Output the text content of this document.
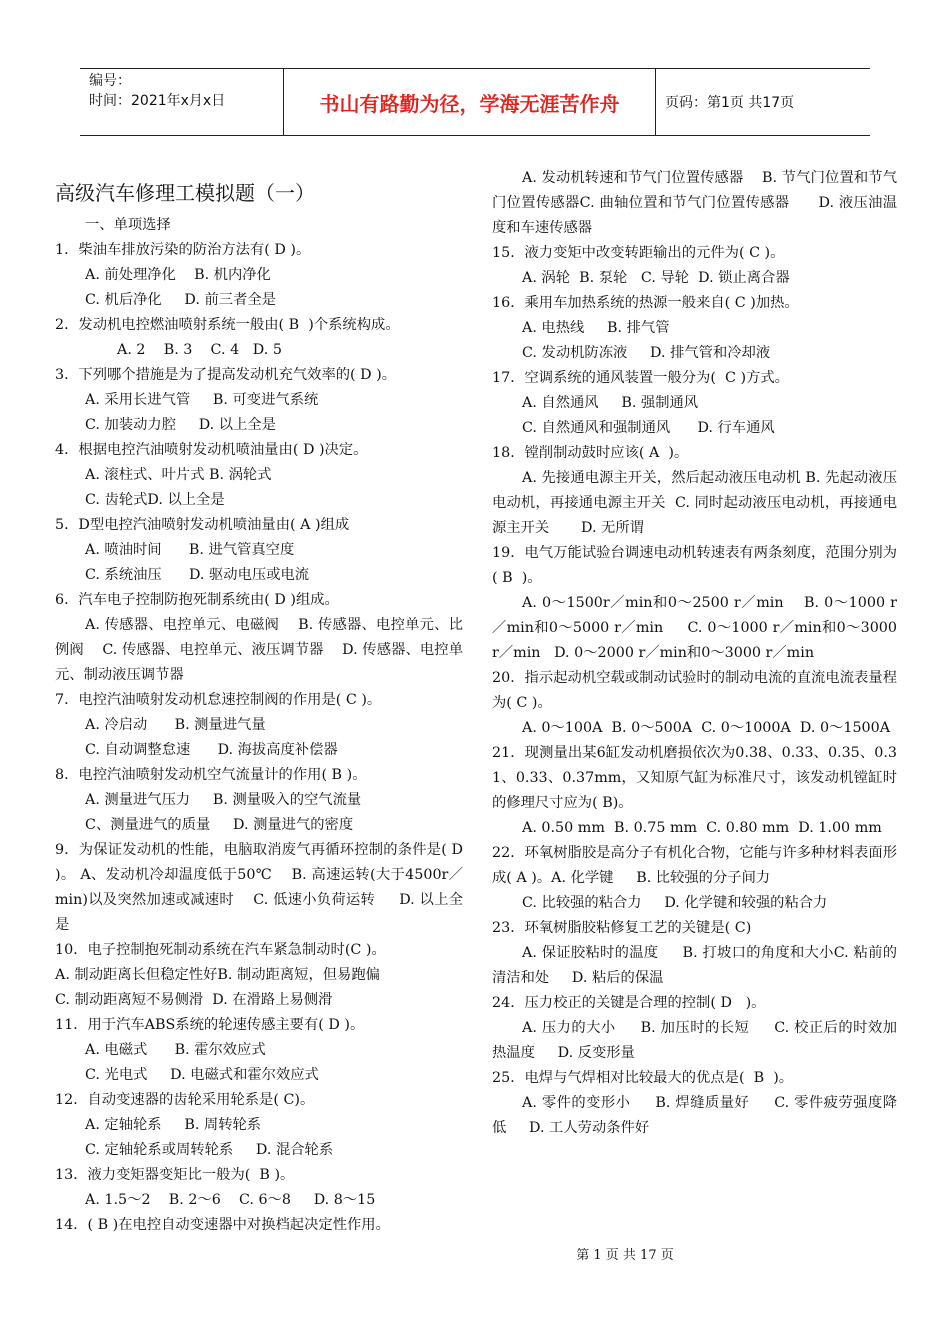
编号：
时间：2021年x月x日	书山有路勤为径，学海无涯苦作舟	页码：第1页 共17页
高级汽车修理工模拟题（一）

一、单项选择

1．柴油车排放污染的防治方法有( D )。

A. 前处理净化    B. 机内净化

C. 机后净化     D. 前三者全是

2．发动机电控燃油喷射系统一般由( B  )个系统构成。

A. 2    B. 3    C. 4   D. 5

3．下列哪个措施是为了提高发动机充气效率的( D )。

A. 采用长进气管     B. 可变进气系统

C. 加装动力腔     D. 以上全是

4．根据电控汽油喷射发动机喷油量由( D )决定。

A. 滚柱式、叶片式 B. 涡轮式

C. 齿轮式D. 以上全是

5．D型电控汽油喷射发动机喷油量由( A )组成

A. 喷油时间      B. 进气管真空度

C. 系统油压      D. 驱动电压或电流

6．汽车电子控制防抱死制系统由( D )组成。

A. 传感器、电控单元、电磁阀    B. 传感器、电控单元、比例阀    C. 传感器、电控单元、液压调节器    D. 传感器、电控单元、制动液压调节器

7．电控汽油喷射发动机怠速控制阀的作用是( C )。

A. 冷启动      B. 测量进气量

C. 自动调整怠速      D. 海拔高度补偿器

8．电控汽油喷射发动机空气流量计的作用( B )。

A. 测量进气压力     B. 测量吸入的空气流量

C、测量进气的质量     D. 测量进气的密度

9．为保证发动机的性能，电脑取消废气再循环控制的条件是( D )。 A、发动机冷却温度低于50℃    B. 高速运转(大于4500r／min)以及突然加速或减速时    C. 低速小负荷运转     D. 以上全是

10．电子控制抱死制动系统在汽车紧急制动时(C )。

A. 制动距离长但稳定性好B. 制动距离短，但易跑偏

C. 制动距离短不易侧滑  D. 在滑路上易侧滑

11．用于汽车ABS系统的轮速传感主要有( D )。

A. 电磁式      B. 霍尔效应式

C. 光电式     D. 电磁式和霍尔效应式

12．自动变速器的齿轮采用轮系是( C)。

A. 定轴轮系     B. 周转轮系

C. 定轴轮系或周转轮系     D. 混合轮系

13．液力变矩器变矩比一般为(  B )。

A. 1.5～2    B. 2～6    C. 6～8     D. 8～15

14．( B )在电控自动变速器中对换档起决定性作用。

A. 发动机转速和节气门位置传感器    B. 节气门位置和节气门位置传感器C. 曲轴位置和节气门位置传感器      D. 液压油温度和车速传感器

15．液力变矩中改变转距输出的元件为( C )。

A. 涡轮  B. 泵轮   C. 导轮  D. 锁止离合器

16．乘用车加热系统的热源一般来自( C )加热。

A. 电热线     B. 排气管

C. 发动机防冻液     D. 排气管和冷却液

17．空调系统的通风装置一般分为(  C )方式。

A. 自然通风     B. 强制通风

C. 自然通风和强制通风      D. 行车通风

18．镗削制动鼓时应该( A  )。

A. 先接通电源主开关，然后起动液压电动机 B. 先起动液压电动机，再接通电源主开关  C. 同时起动液压电动机，再接通电源主开关       D. 无所谓

19．电气万能试验台调速电动机转速表有两条刻度，范围分别为( B  )。

A. 0～1500r／min和0～2500 r／min    B. 0～1000 r／min和0～5000 r／min     C. 0～1000 r／min和0～3000 r／min   D. 0～2000 r／min和0～3000 r／min

20．指示起动机空载或制动试验时的制动电流的直流电流表量程为( C )。

A. 0～100A  B. 0～500A  C. 0～1000A  D. 0～1500A

21．现测量出某6缸发动机磨损依次为0.38、0.33、0.35、0.3 1、0.33、0.37mm，又知原气缸为标准尺寸，该发动机镗缸时的修理尺寸应为( B)。

A. 0.50 mm  B. 0.75 mm  C. 0.80 mm  D. 1.00 mm

22．环氧树脂胶是高分子有机化合物，它能与许多种材料表面形成( A )。A. 化学键     B. 比较强的分子间力

C. 比较强的粘合力     D. 化学键和较强的粘合力

23．环氧树脂胶粘修复工艺的关键是( C)

A. 保证胶粘时的温度     B. 打坡口的角度和大小C. 粘前的清洁和处     D. 粘后的保温

24．压力校正的关键是合理的控制( D   )。

A. 压力的大小     B. 加压时的长短     C. 校正后的时效加热温度     D. 反变形量

25．电焊与气焊相对比较最大的优点是(  B  )。

A. 零件的变形小     B. 焊缝质量好     C. 零件疲劳强度降低     D. 工人劳动条件好

第 1 页 共 17 页
